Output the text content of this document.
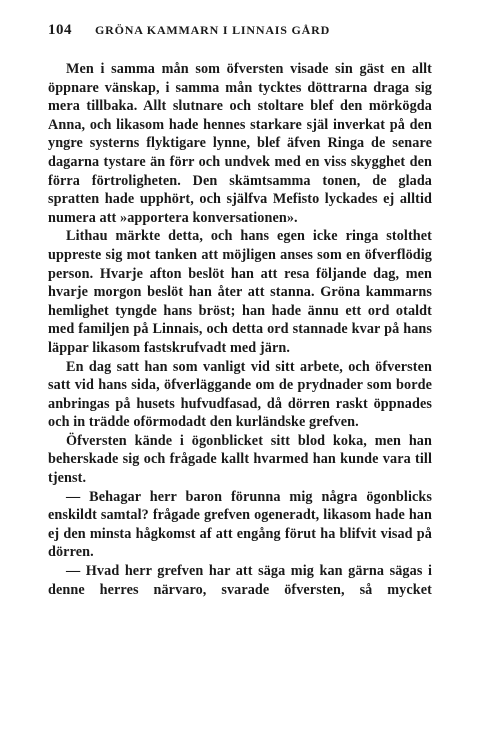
104 GRÖNA KAMMARN I LINNAIS GÅRD

Men i samma mån som öfversten visade sin gäst en allt öppnare vänskap, i samma mån tycktes döttrarna draga sig mera tillbaka. Allt slutnare och stoltare blef den mörkögda Anna, och likasom hade hennes starkare själ inverkat på den yngre systerns flyktigare lynne, blef äfven Ringa de senare dagarna tystare än förr och undvek med en viss skygghet den förra förtroligheten. Den skämtsamma tonen, de glada spratten hade upphört, och själfva Mefisto lyckades ej alltid numera att »apportera konversationen».

Lithau märkte detta, och hans egen icke ringa stolthet uppreste sig mot tanken att möjligen anses som en öfverflödig person. Hvarje afton beslöt han att resa följande dag, men hvarje morgon beslöt han åter att stanna. Gröna kammarns hemlighet tyngde hans bröst; han hade ännu ett ord otaldt med familjen på Linnais, och detta ord stannade kvar på hans läppar likasom fastskrufvadt med järn.

En dag satt han som vanligt vid sitt arbete, och öfversten satt vid hans sida, öfverläggande om de prydnader som borde anbringas på husets hufvudfasad, då dörren raskt öppnades och in trädde oförmodadt den kurländske grefven.

Öfversten kände i ögonblicket sitt blod koka, men han beherskade sig och frågade kallt hvarmed han kunde vara till tjenst.

— Behagar herr baron förunna mig några ögonblicks enskildt samtal? frågade grefven ogeneradt, likasom hade han ej den minsta hågkomst af att engång förut ha blifvit visad på dörren.

— Hvad herr grefven har att säga mig kan gärna sägas i denne herres närvaro, svarade öfversten, så mycket
